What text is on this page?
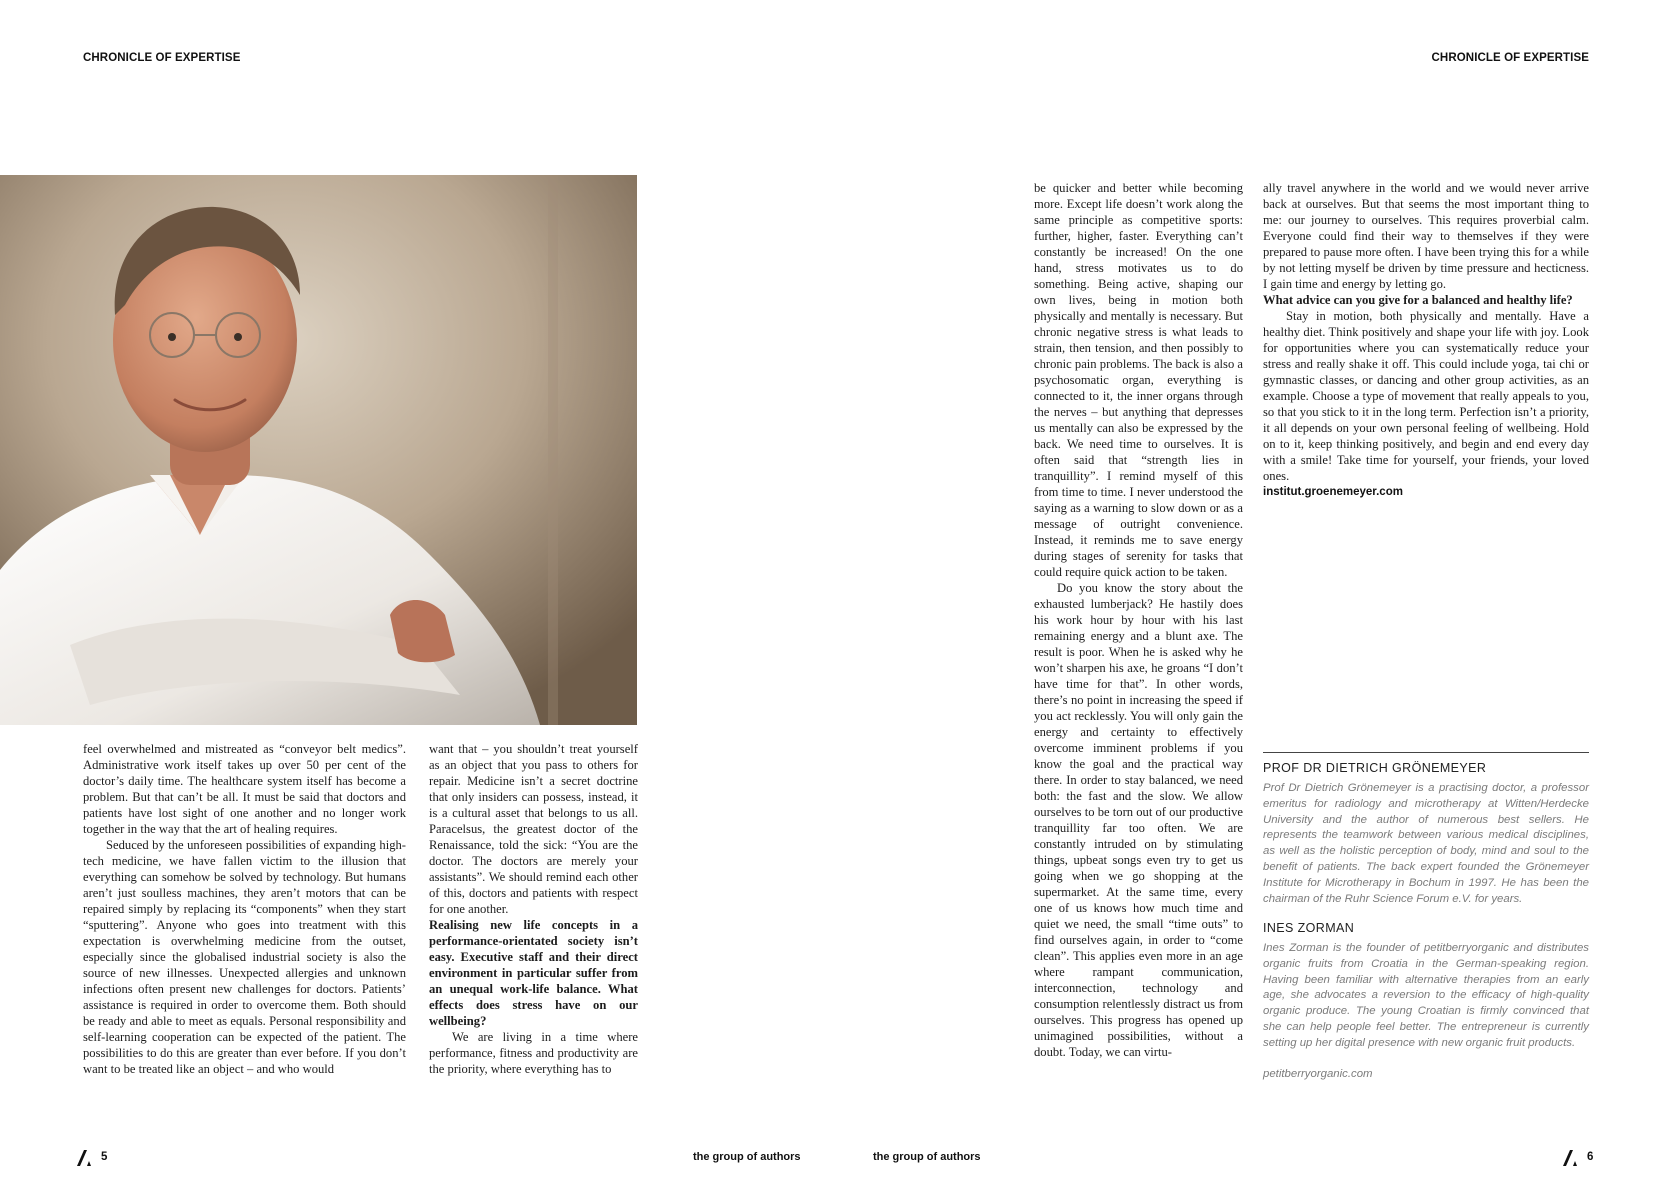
CHRONICLE OF EXPERTISE	CHRONICLE OF EXPERTISE

feel overwhelmed and mistreated as “conveyor belt medics”. Administrative work itself takes up over 50 per cent of the doctor’s daily time. The healthcare system itself has become a problem. But that can’t be all. It must be said that doctors and patients have lost sight of one another and no longer work together in the way that the art of healing requires.

Seduced by the unforeseen possibilities of expanding high-tech medicine, we have fallen victim to the illusion that everything can somehow be solved by technology. But humans aren’t just soulless machines, they aren’t motors that can be repaired simply by replacing its “components” when they start “sputtering”. Anyone who goes into treatment with this expectation is overwhelming medicine from the outset, especially since the globalised industrial society is also the source of new illnesses. Unexpected allergies and unknown infections often present new challenges for doctors. Patients’ assistance is required in order to overcome them. Both should be ready and able to meet as equals. Personal responsibility and self-learning cooperation can be expected of the patient. The possibilities to do this are greater than ever before. If you don’t want to be treated like an object – and who would

want that – you shouldn’t treat yourself as an object that you pass to others for repair. Medicine isn’t a secret doctrine that only insiders can possess, instead, it is a cultural asset that belongs to us all. Paracelsus, the greatest doctor of the Renaissance, told the sick: “You are the doctor. The doctors are merely your assistants”. We should remind each other of this, doctors and patients with respect for one another.

Realising new life concepts in a performance-orientated society isn’t easy. Executive staff and their direct environment in particular suffer from an unequal work-life balance. What effects does stress have on our wellbeing?

We are living in a time where performance, fitness and productivity are the priority, where everything has to

be quicker and better while becoming more. Except life doesn’t work along the same principle as competitive sports: further, higher, faster. Everything can’t constantly be increased! On the one hand, stress motivates us to do something. Being active, shaping our own lives, being in motion both physically and mentally is necessary. But chronic negative stress is what leads to strain, then tension, and then possibly to chronic pain problems. The back is also a psychosomatic organ, everything is connected to it, the inner organs through the nerves – but anything that depresses us mentally can also be expressed by the back. We need time to ourselves. It is often said that “strength lies in tranquillity”. I remind myself of this from time to time. I never understood the saying as a warning to slow down or as a message of outright convenience. Instead, it reminds me to save energy during stages of serenity for tasks that could require quick action to be taken.

Do you know the story about the exhausted lumberjack? He hastily does his work hour by hour with his last remaining energy and a blunt axe. The result is poor. When he is asked why he won’t sharpen his axe, he groans “I don’t have time for that”. In other words, there’s no point in increasing the speed if you act recklessly. You will only gain the energy and certainty to effectively overcome imminent problems if you know the goal and the practical way there. In order to stay balanced, we need both: the fast and the slow. We allow ourselves to be torn out of our productive tranquillity far too often. We are constantly intruded on by stimulating things, upbeat songs even try to get us going when we go shopping at the supermarket. At the same time, every one of us knows how much time and quiet we need, the small “time outs” to find ourselves again, in order to “come clean”. This applies even more in an age where rampant communication, interconnection, technology and consumption relentlessly distract us from ourselves. This progress has opened up unimagined possibilities, without a doubt. Today, we can virtu-

ally travel anywhere in the world and we would never arrive back at ourselves. But that seems the most important thing to me: our journey to ourselves. This requires proverbial calm. Everyone could find their way to themselves if they were prepared to pause more often. I have been trying this for a while by not letting myself be driven by time pressure and hecticness. I gain time and energy by letting go.

What advice can you give for a balanced and healthy life?

Stay in motion, both physically and mentally. Have a healthy diet. Think positively and shape your life with joy. Look for opportunities where you can systematically reduce your stress and really shake it off. This could include yoga, tai chi or gymnastic classes, or dancing and other group activities, as an example. Choose a type of movement that really appeals to you, so that you stick to it in the long term. Perfection isn’t a priority, it all depends on your own personal feeling of wellbeing. Hold on to it, keep thinking positively, and begin and end every day with a smile! Take time for yourself, your friends, your loved ones.

institut.groenemeyer.com

PROF DR DIETRICH GRÖNEMEYER
Prof Dr Dietrich Grönemeyer is a practising doctor, a professor emeritus for radiology and microtherapy at Witten/Herdecke University and the author of numerous best sellers. He represents the teamwork between various medical disciplines, as well as the holistic perception of body, mind and soul to the benefit of patients. The back expert founded the Grönemeyer Institute for Microtherapy in Bochum in 1997. He has been the chairman of the Ruhr Science Forum e.V. for years.
INES ZORMAN
Ines Zorman is the founder of petitberryorganic and distributes organic fruits from Croatia in the German-speaking region. Having been familiar with alternative therapies from an early age, she advocates a reversion to the efficacy of high-quality organic produce. The young Croatian is firmly convinced that she can help people feel better. The entrepreneur is currently setting up her digital presence with new organic fruit products.
petitberryorganic.com
5	the group of authors	the group of authors	6
